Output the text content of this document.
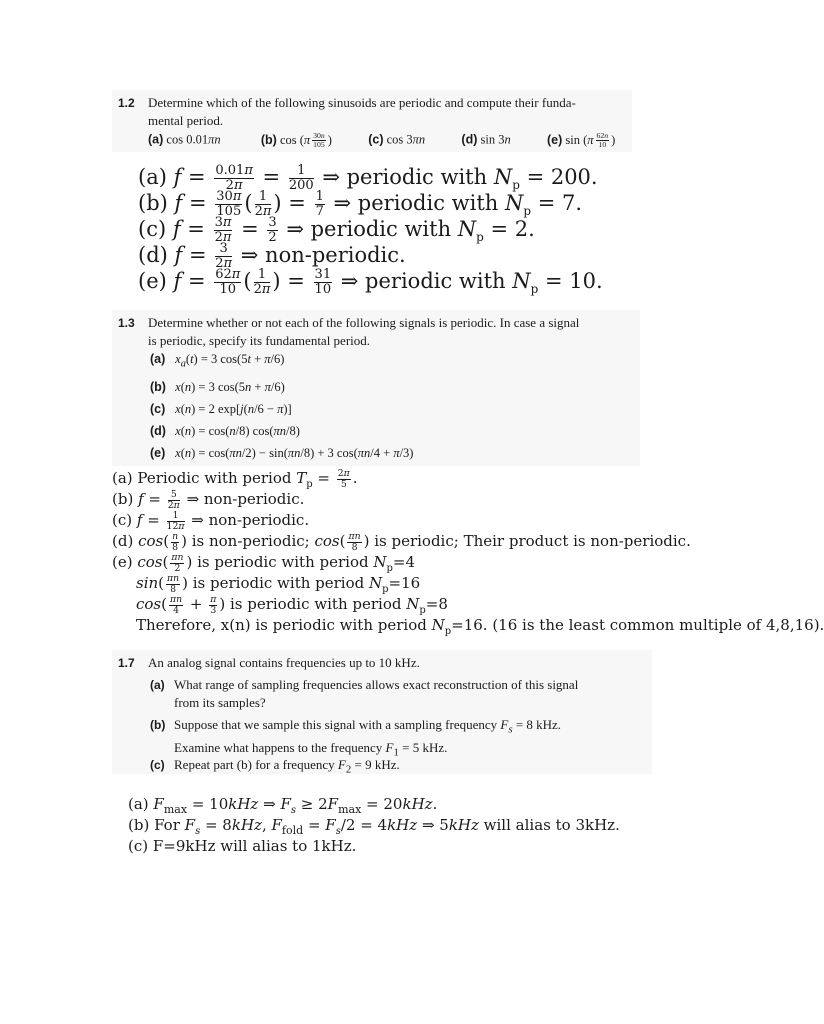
1.2 Determine which of the following sinusoids are periodic and compute their funda-
mental period.
(a) cos 0.01πn	(b) $\cos (\pi \frac{30n}{105}$ )	(c) cos 3πn	(d) sin 3n	(e) $\sin (\pi \frac{62n}{10}$ )
(a) $f = \frac{0.01\pi}{2\pi} = \frac{1}{200}$ ⇒ periodic with $N_p = 200$.
(b) $f = \frac{30\pi}{105}$ ( $\frac{1}{2\pi}$ ) = $\frac{1}{7}$ ⇒ periodic with $N_p = 7$.
(c) $f = \frac{3\pi}{2\pi} = \frac{3}{2}$ ⇒ periodic with $N_p = 2$.
(d) $f = \frac{3}{2\pi}$ ⇒ non-periodic.
(e) $f = \frac{62\pi}{10}$ ( $\frac{1}{2\pi}$ ) = $\frac{31}{10}$ ⇒ periodic with $N_p = 10$.
1.3 Determine whether or not each of the following signals is periodic. In case a signal
is periodic, specify its fundamental period.
(a) $x_a(t) = 3$ cos(5t + π/6)
(b) x(n) = 3 cos(5n + π/6)
(c) x(n) = 2 exp[j(n/6 − π)]
(d) x(n) = cos(n/8) cos(πn/8)
(e) x(n) = cos(πn/2) − sin(πn/8) + 3 cos(πn/4 + π/3)
(a) Periodic with period $T_p = \frac{2\pi}{5}$ .
(b) $f = \frac{5}{2\pi}$ ⇒ non-periodic.
(c) $f = \frac{1}{12\pi}$ ⇒ non-periodic.
(d) $\cos( \frac{n}{8}$ ) is non-periodic; $\cos( \frac{\pi n}{8}$ ) is periodic; Their product is non-periodic.
(e) $\cos( \frac{\pi n}{2}$ ) is periodic with period $N_p=4$
$\sin( \frac{\pi n}{8}$ ) is periodic with period $N_p=16$
$\cos( \frac{\pi n}{4} + \frac{\pi}{3}$ ) is periodic with period $N_p=8$
Therefore, x(n) is periodic with period $N_p=16$. (16 is the least common multiple of 4,8,16).
1.7 An analog signal contains frequencies up to 10 kHz.
(a) What range of sampling frequencies allows exact reconstruction of this signal
from its samples?
(b) Suppose that we sample this signal with a sampling frequency $F_s = 8$ kHz.
Examine what happens to the frequency $F_1 = 5$ kHz.
(c) Repeat part (b) for a frequency $F_2 = 9$ kHz.
(a) $F_{max} = 10kHz$ ⇒ $F_s \ge 2F_{max} = 20kHz$.
(b) For $F_s = 8kHz$, $F_{fold} = F_s/2 = 4kHz$ ⇒ 5kHz will alias to 3kHz.
(c) F=9kHz will alias to 1kHz.
